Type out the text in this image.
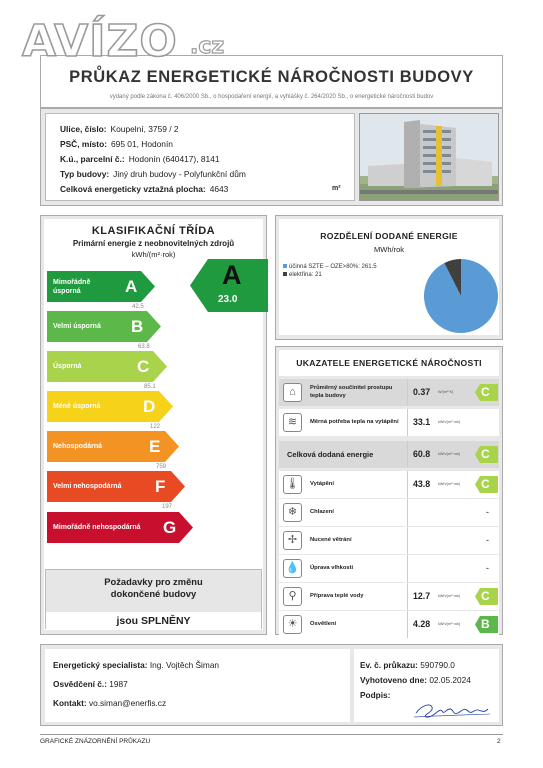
AVÍZO .cz
PRŮKAZ ENERGETICKÉ NÁROČNOSTI BUDOVY
vydaný podle zákona č. 406/2000 Sb., o hospodaření energií, a vyhlášky č. 264/2020 Sb., o energetické náročnosti budov
Ulice, číslo: Koupelní, 3759 / 2
PSČ, místo: 695 01, Hodonín
K.ú., parcelní č.: Hodonín (640417), 8141
Typ budovy: Jiný druh budovy - Polyfunkční dům
Celková energeticky vztažná plocha: 4643	m²
KLASIFIKAČNÍ TŘÍDA
Primární energie z neobnovitelných zdrojů
kWh/(m²·rok)
A
23.0
Mimořádně úsporná	A
42.5
Velmi úsporná	B
63.8
Úsporná	C
85.1
Méně úsporná	D
122
Nehospodárná	E
759
Velmi nehospodárná	F
197
Mimořádně nehospodárná	G
Požadavky pro změnu
dokončené budovy
jsou SPLNĚNY
ROZDĚLENÍ DODANÉ ENERGIE
MWh/rok
účinná SZTE – OZE>80%: 261.5
elektřina: 21
UKAZATELE ENERGETICKÉ NÁROČNOSTI
⌂	Průměrný součinitel prostupu tepla budovy	0.37 W/(m²·K) C
≋	Měrná potřeba tepla na vytápění	33.1 kWh/(m²·rok)
Celková dodaná energie	60.8 kWh/(m²·rok) C
🌡	Vytápění	43.8 kWh/(m²·rok) C
❄	Chlazení	-
✢	Nucené větrání	-
💧	Úprava vlhkosti	-
⚲	Příprava teplé vody	12.7 kWh/(m²·rok) C
☀	Osvětlení	4.28 kWh/(m²·rok) B
Energetický specialista: Ing. Vojtěch Šiman
Osvědčení č.: 1987
Kontakt: vo.siman@enerfis.cz
Ev. č. průkazu: 590790.0
Vyhotoveno dne: 02.05.2024
Podpis:
GRAFICKÉ ZNÁZORNĚNÍ PRŮKAZU	2
